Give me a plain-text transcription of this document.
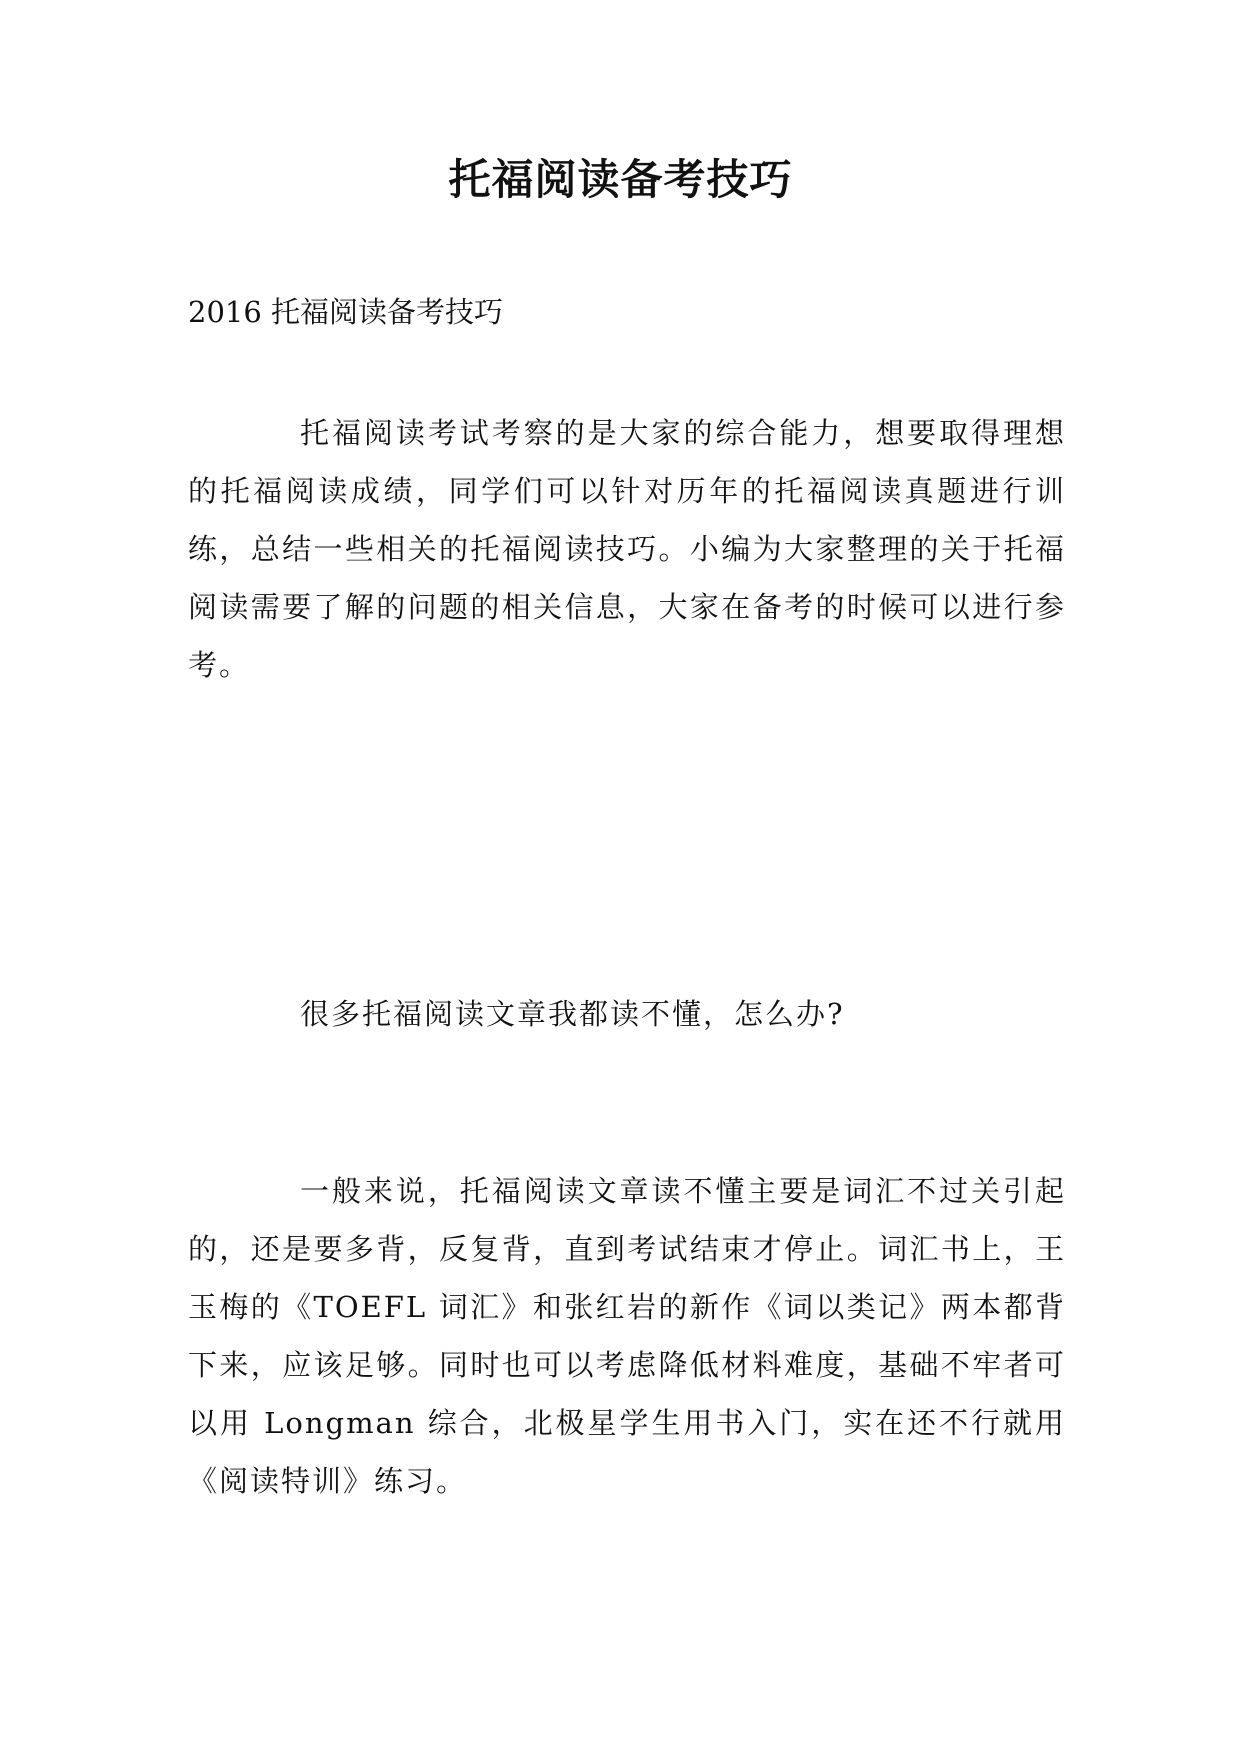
托福阅读备考技巧

2016 托福阅读备考技巧

托福阅读考试考察的是大家的综合能力，想要取得理想的托福阅读成绩，同学们可以针对历年的托福阅读真题进行训练，总结一些相关的托福阅读技巧。小编为大家整理的关于托福阅读需要了解的问题的相关信息，大家在备考的时候可以进行参考。

很多托福阅读文章我都读不懂，怎么办?

一般来说，托福阅读文章读不懂主要是词汇不过关引起的，还是要多背，反复背，直到考试结束才停止。词汇书上，王玉梅的《TOEFL 词汇》和张红岩的新作《词以类记》两本都背下来，应该足够。同时也可以考虑降低材料难度，基础不牢者可以用 Longman 综合，北极星学生用书入门，实在还不行就用《阅读特训》练习。
